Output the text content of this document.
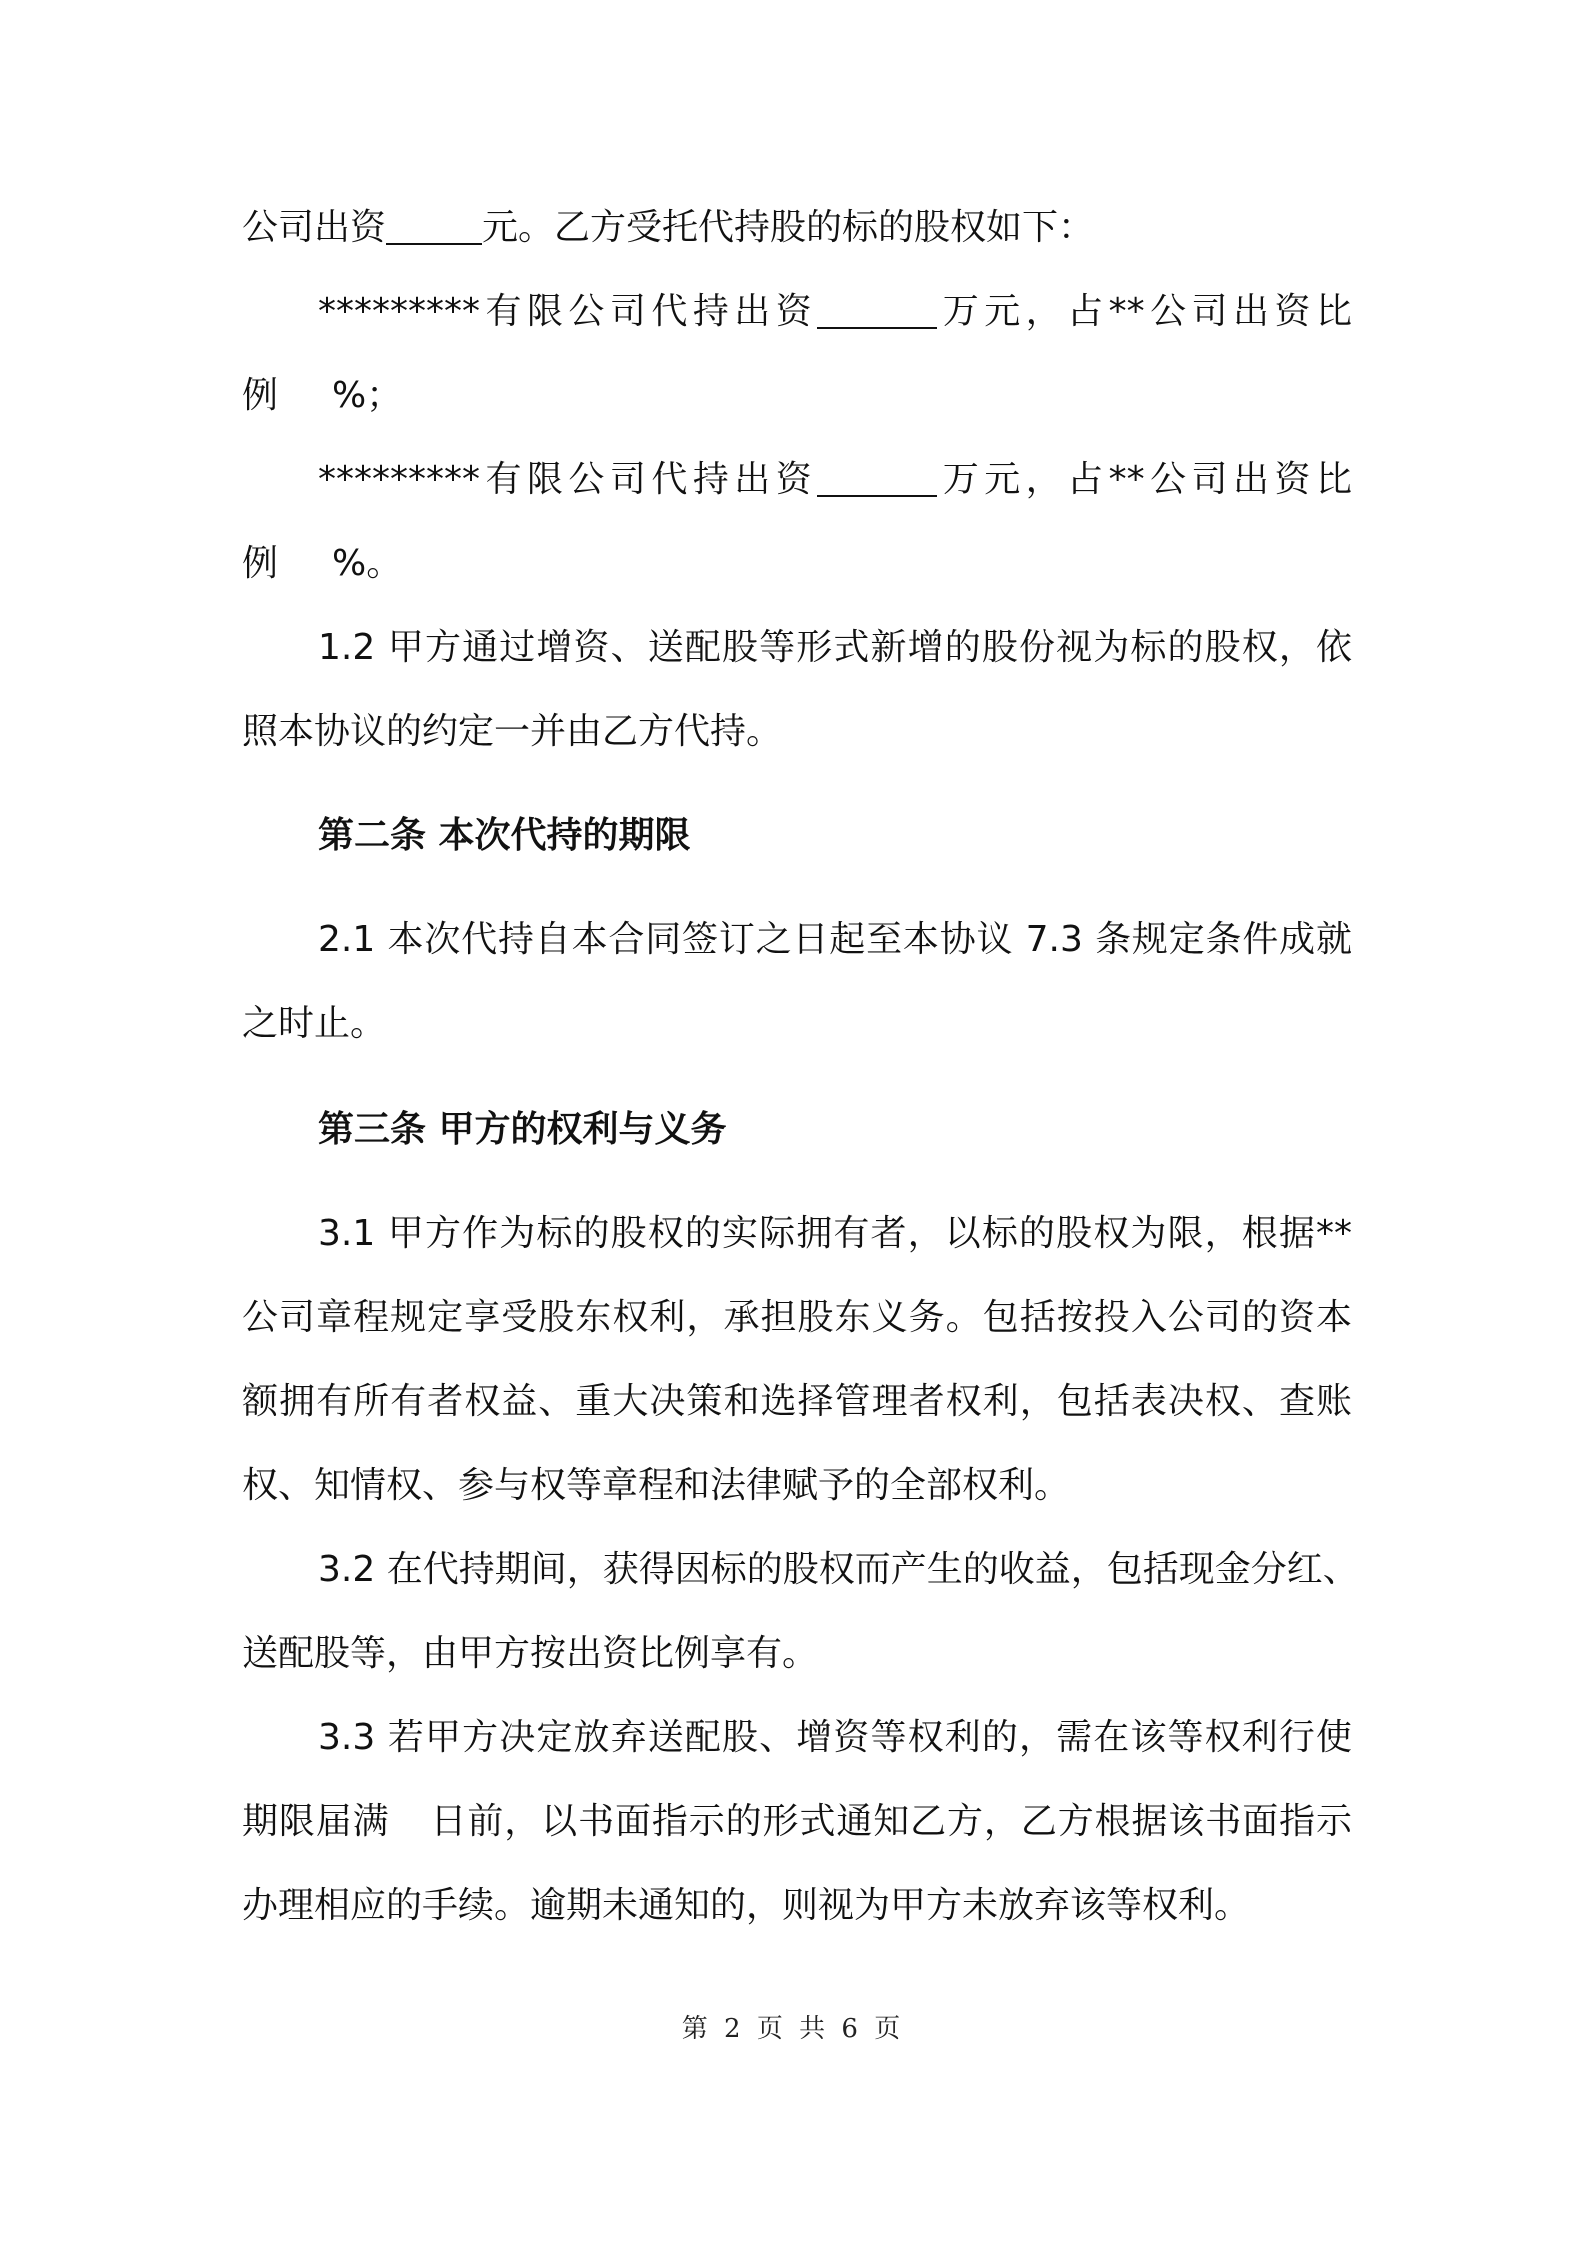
公司出资	元。乙方受托代持股的标的股权如下：
*********有限公司代持出资	万元，占**公司出资比
例 %；
*********有限公司代持出资	万元，占**公司出资比
例 %。
1.2 甲方通过增资、送配股等形式新增的股份视为标的股权，依
照本协议的约定一并由乙方代持。
第二条 本次代持的期限
2.1 本次代持自本合同签订之日起至本协议 7.3 条规定条件成就
之时止。
第三条 甲方的权利与义务
3.1 甲方作为标的股权的实际拥有者，以标的股权为限，根据**
公司章程规定享受股东权利，承担股东义务。包括按投入公司的资本
额拥有所有者权益、重大决策和选择管理者权利，包括表决权、查账
权、知情权、参与权等章程和法律赋予的全部权利。
3.2 在代持期间，获得因标的股权而产生的收益，包括现金分红、
送配股等，由甲方按出资比例享有。
3.3 若甲方决定放弃送配股、增资等权利的，需在该等权利行使
期限届满 日前，以书面指示的形式通知乙方，乙方根据该书面指示
办理相应的手续。逾期未通知的，则视为甲方未放弃该等权利。
第 2 页 共 6 页
